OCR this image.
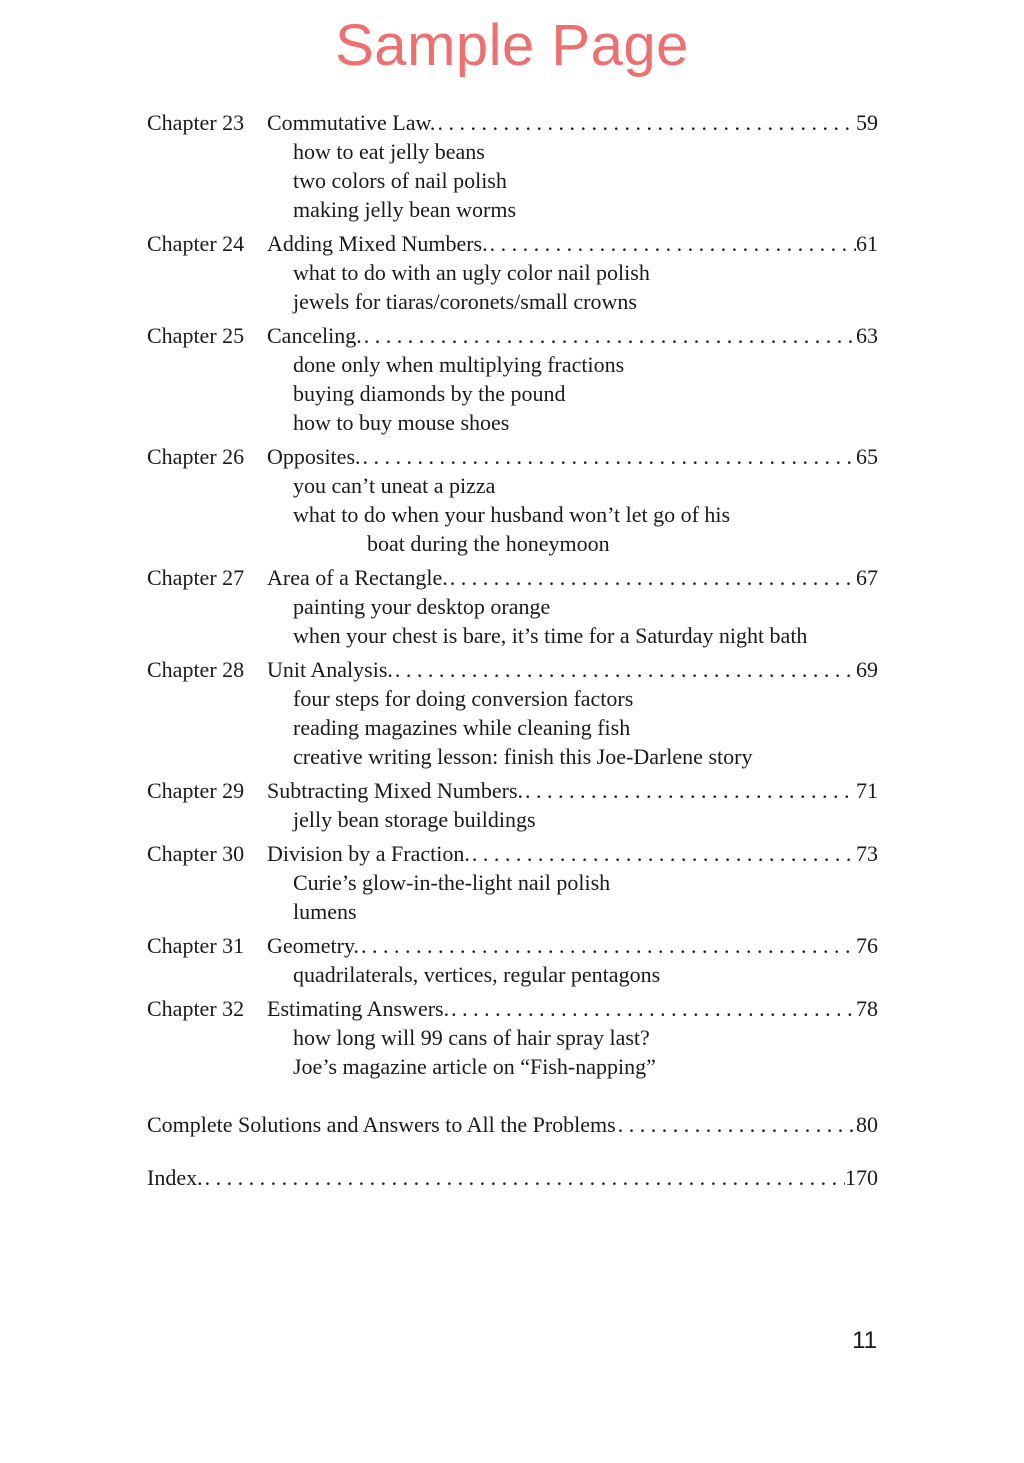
Sample Page
Chapter 23	Commutative Law. . . .	59
how to eat jelly beans
two colors of nail polish
making jelly bean worms
Chapter 24	Adding Mixed Numbers. . . .	61
what to do with an ugly color nail polish
jewels for tiaras/coronets/small crowns
Chapter 25	Canceling. . . .	63
done only when multiplying fractions
buying diamonds by the pound
how to buy mouse shoes
Chapter 26	Opposites. . . .	65
you can’t uneat a pizza
what to do when your husband won’t let go of his
boat during the honeymoon
Chapter 27	Area of a Rectangle. . . .	67
painting your desktop orange
when your chest is bare, it’s time for a Saturday night bath
Chapter 28	Unit Analysis. . . .	69
four steps for doing conversion factors
reading magazines while cleaning fish
creative writing lesson: finish this Joe-Darlene story
Chapter 29	Subtracting Mixed Numbers. . . .	71
jelly bean storage buildings
Chapter 30	Division by a Fraction. . . .	73
Curie’s glow-in-the-light nail polish
lumens
Chapter 31	Geometry. . . .	76
quadrilaterals, vertices, regular pentagons
Chapter 32	Estimating Answers. . . .	78
how long will 99 cans of hair spray last?
Joe’s magazine article on “Fish-napping”
Complete Solutions and Answers to All the Problems . . .	80
Index. . . .	170
11
